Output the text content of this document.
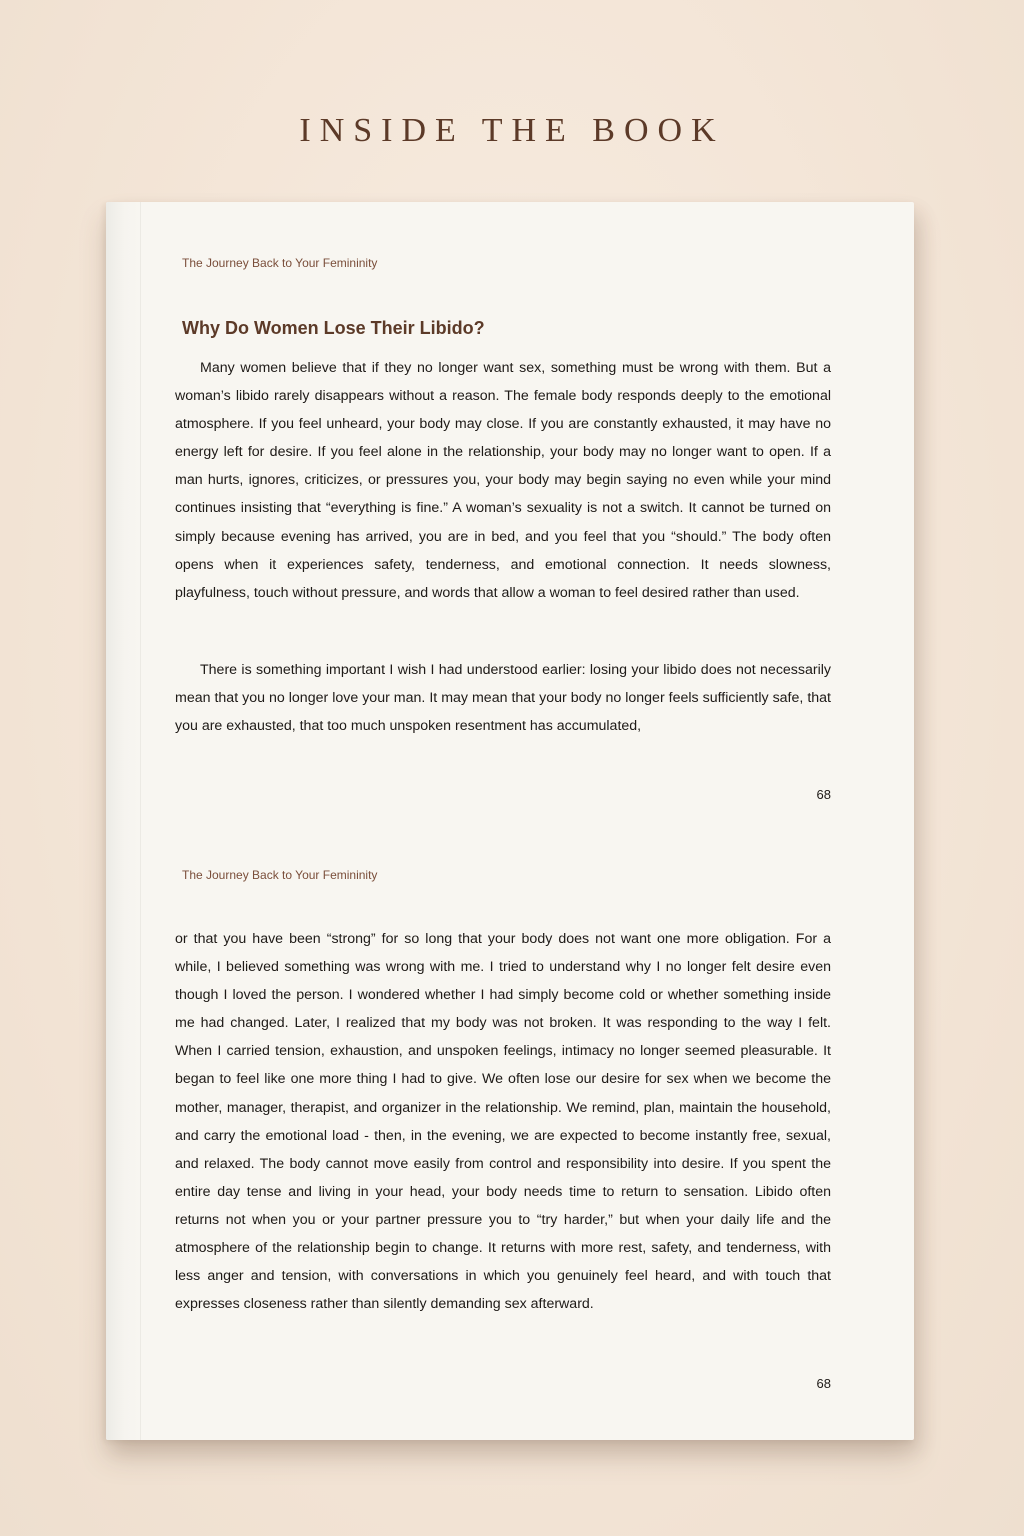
INSIDE THE BOOK
The Journey Back to Your Femininity
Why Do Women Lose Their Libido?

Many women believe that if they no longer want sex, something must be wrong with them. But a woman’s libido rarely disappears without a reason. The female body responds deeply to the emotional atmosphere. If you feel unheard, your body may close. If you are constantly exhausted, it may have no energy left for desire. If you feel alone in the relationship, your body may no longer want to open. If a man hurts, ignores, criticizes, or pressures you, your body may begin saying no even while your mind continues insisting that “everything is fine.” A woman’s sexuality is not a switch. It cannot be turned on simply because evening has arrived, you are in bed, and you feel that you “should.” The body often opens when it experiences safety, tenderness, and emotional connection. It needs slowness, playfulness, touch without pressure, and words that allow a woman to feel desired rather than used.

There is something important I wish I had understood earlier: losing your libido does not necessarily mean that you no longer love your man. It may mean that your body no longer feels sufficiently safe, that you are exhausted, that too much unspoken resentment has accumulated,

68
The Journey Back to Your Femininity

or that you have been “strong” for so long that your body does not want one more obligation. For a while, I believed something was wrong with me. I tried to understand why I no longer felt desire even though I loved the person. I wondered whether I had simply become cold or whether something inside me had changed. Later, I realized that my body was not broken. It was responding to the way I felt. When I carried tension, exhaustion, and unspoken feelings, intimacy no longer seemed pleasurable. It began to feel like one more thing I had to give. We often lose our desire for sex when we become the mother, manager, therapist, and organizer in the relationship. We remind, plan, maintain the household, and carry the emotional load - then, in the evening, we are expected to become instantly free, sexual, and relaxed. The body cannot move easily from control and responsibility into desire. If you spent the entire day tense and living in your head, your body needs time to return to sensation. Libido often returns not when you or your partner pressure you to “try harder,” but when your daily life and the atmosphere of the relationship begin to change. It returns with more rest, safety, and tenderness, with less anger and tension, with conversations in which you genuinely feel heard, and with touch that expresses closeness rather than silently demanding sex afterward.

68
